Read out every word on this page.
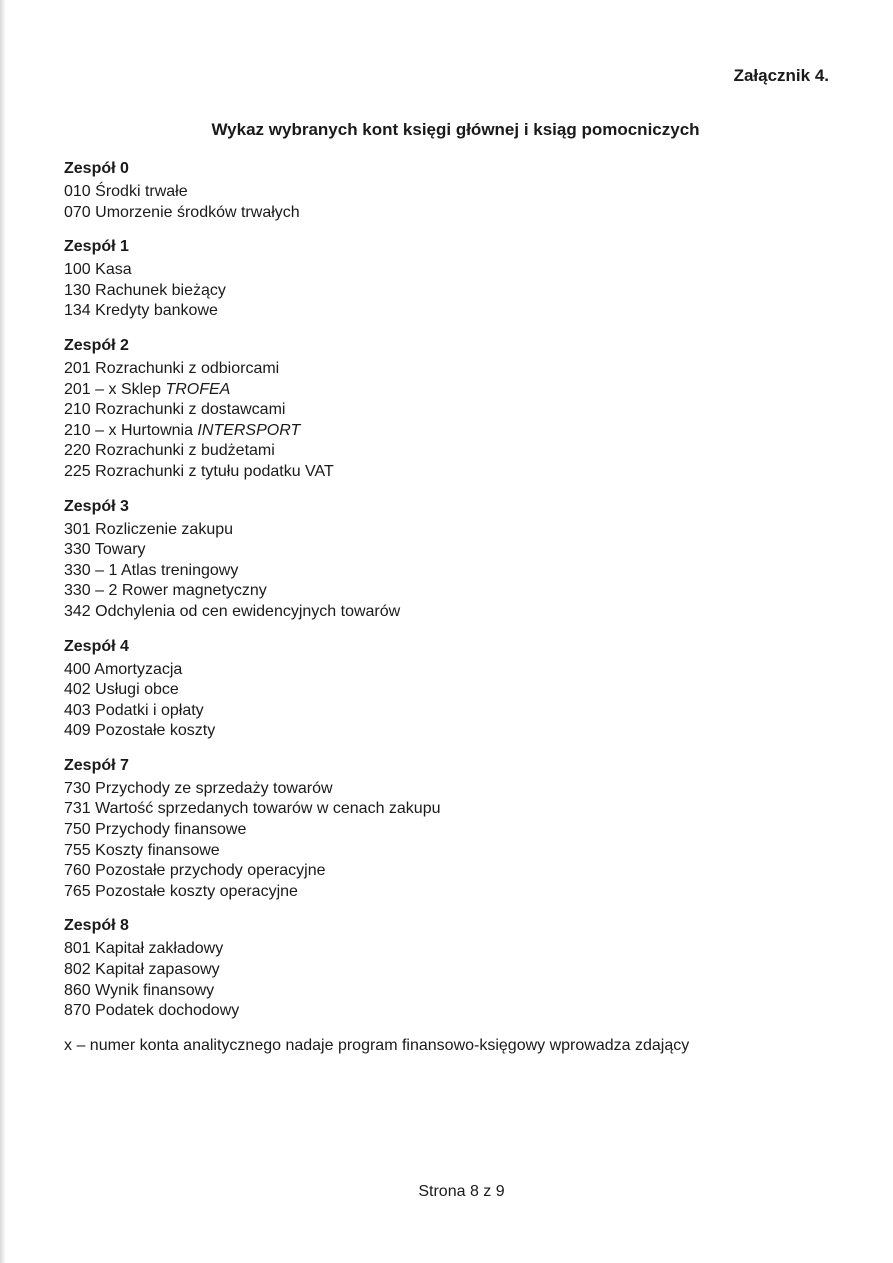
Załącznik 4.
Wykaz wybranych kont księgi głównej i ksiąg pomocniczych
Zespół 0
010 Środki trwałe
070 Umorzenie środków trwałych
Zespół 1
100 Kasa
130 Rachunek bieżący
134 Kredyty bankowe
Zespół 2
201 Rozrachunki z odbiorcami
201 – x Sklep TROFEA
210 Rozrachunki z dostawcami
210 – x Hurtownia INTERSPORT
220 Rozrachunki z budżetami
225 Rozrachunki z tytułu podatku VAT
Zespół 3
301 Rozliczenie zakupu
330 Towary
330 – 1 Atlas treningowy
330 – 2 Rower magnetyczny
342 Odchylenia od cen ewidencyjnych towarów
Zespół 4
400 Amortyzacja
402 Usługi obce
403 Podatki i opłaty
409 Pozostałe koszty
Zespół 7
730 Przychody ze sprzedaży towarów
731 Wartość sprzedanych towarów w cenach zakupu
750 Przychody finansowe
755 Koszty finansowe
760 Pozostałe przychody operacyjne
765 Pozostałe koszty operacyjne
Zespół 8
801 Kapitał zakładowy
802 Kapitał zapasowy
860 Wynik finansowy
870 Podatek dochodowy
x – numer konta analitycznego nadaje program finansowo-księgowy wprowadza zdający
Strona 8 z 9
